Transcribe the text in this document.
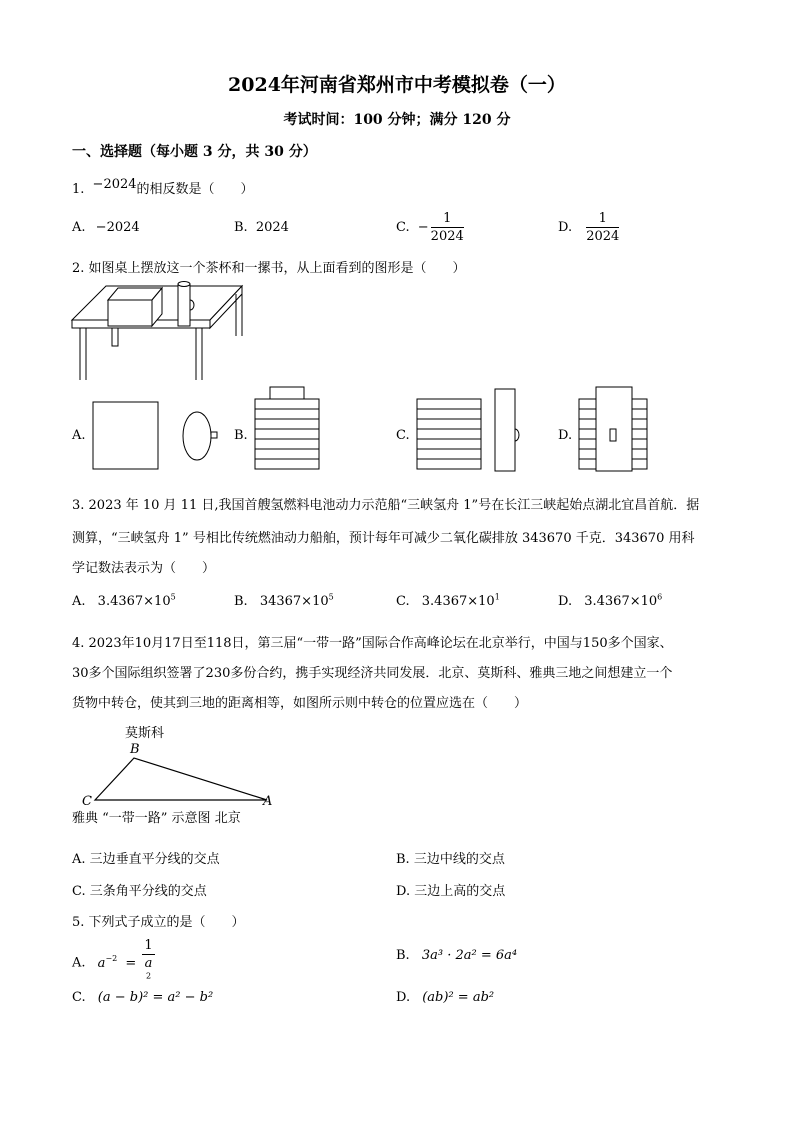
2024年河南省郑州市中考模拟卷（一）
考试时间：100 分钟；满分 120 分
一、选择题（每小题 3 分，共 30 分）
1. −2024的相反数是（　　）
A. −2024	B. 2024	C. − $\frac{1}{2024}$	D. $\frac{1}{2024}$
2. 如图桌上摆放这一个茶杯和一摞书，从上面看到的图形是（　　）
A.	B.	C.	D.
3. 2023 年 10 月 11 日,我国首艘氢燃料电池动力示范船“三峡氢舟 1”号在长江三峡起始点湖北宜昌首航．据
测算，“三峡氢舟 1” 号相比传统燃油动力船舶，预计每年可减少二氧化碳排放 343670 千克．343670 用科
学记数法表示为（　　）
A. $3.4367\times 10^5$	B. $34367\times 10^5$	C. $3.4367\times 10^1$	D. $3.4367\times 10^6$
4. 2023年10月17日至118日，第三届“一带一路”国际合作高峰论坛在北京举行，中国与150多个国家、
30多个国际组织签署了230多份合约，携手实现经济共同发展．北京、莫斯科、雅典三地之间想建立一个
货物中转仓，使其到三地的距离相等，如图所示则中转仓的位置应选在（　　）
莫斯科
B
C	A
雅典 “一带一路” 示意图 北京
A. 三边垂直平分线的交点	B. 三边中线的交点
C. 三条角平分线的交点	D. 三边上高的交点
5. 下列式子成立的是（　　）
A. $a^{-2} = 1$
a
$^2$	B. 3a³ · 2a² = 6a⁴
C. (a − b)² = a² − b²	D. (ab)² = ab²
